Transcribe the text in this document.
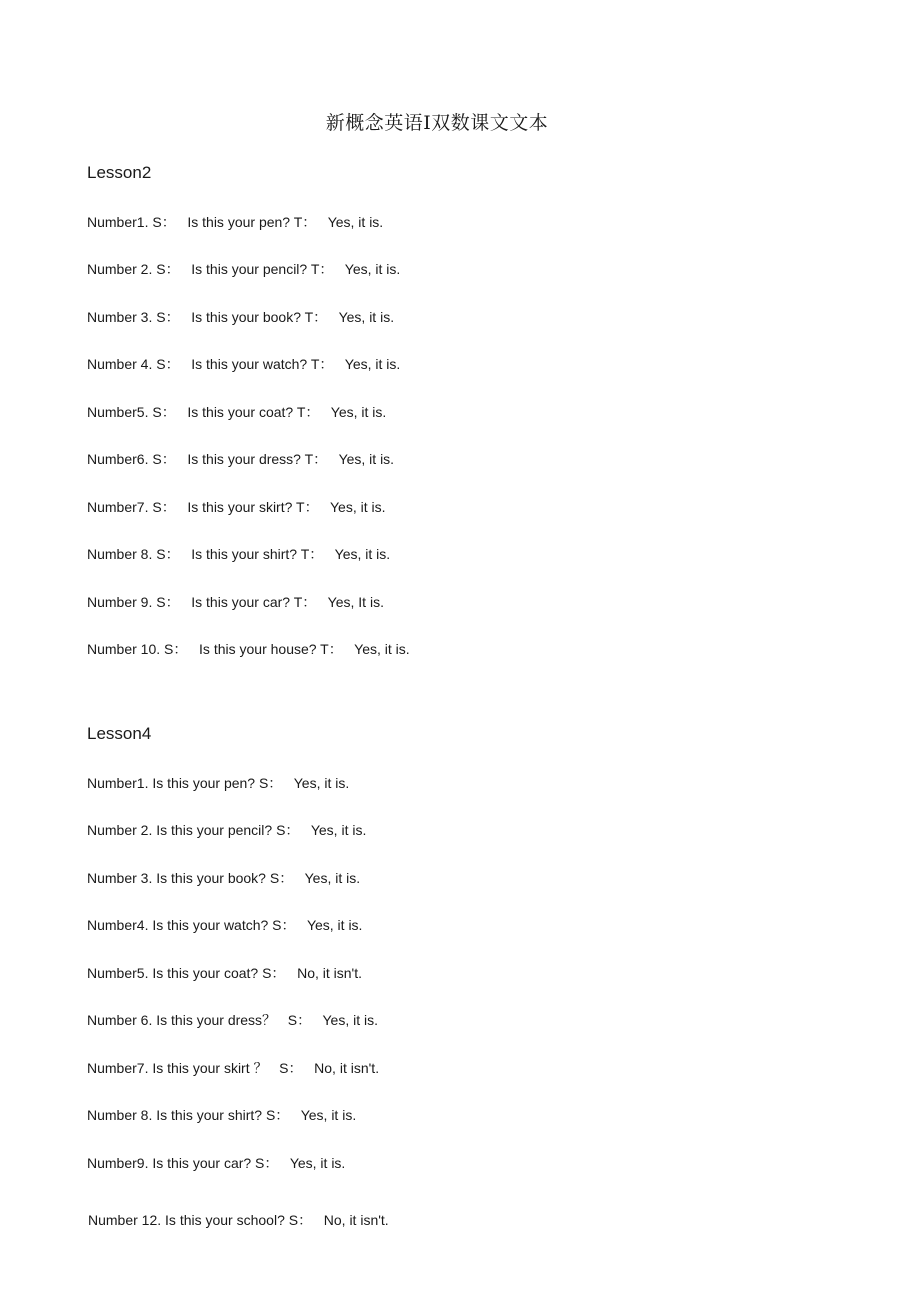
新概念英语Ⅰ双数课文文本
Lesson2
Number1. S：   Is this your pen? T：   Yes, it is.
Number 2. S：   Is this your pencil? T：   Yes, it is.
Number 3. S：   Is this your book? T：   Yes, it is.
Number 4. S：   Is this your watch? T：   Yes, it is.
Number5. S：   Is this your coat? T：   Yes, it is.
Number6. S：   Is this your dress? T：   Yes, it is.
Number7. S：   Is this your skirt? T：   Yes, it is.
Number 8. S：   Is this your shirt? T：   Yes, it is.
Number 9. S：   Is this your car? T：   Yes, It is.
Number 10. S：   Is this your house? T：   Yes, it is.
Lesson4
Number1. Is this your pen? S：   Yes, it is.
Number 2. Is this your pencil? S：   Yes, it is.
Number 3. Is this your book? S：   Yes, it is.
Number4. Is this your watch? S：   Yes, it is.
Number5. Is this your coat? S：   No, it isn't.
Number 6. Is this your dress？   S：   Yes, it is.
Number7. Is this your skirt ？   S：   No, it isn't.
Number 8. Is this your shirt? S：   Yes, it is.
Number9. Is this your car? S：   Yes, it is.
Number 12. Is this your school? S：   No, it isn't.
